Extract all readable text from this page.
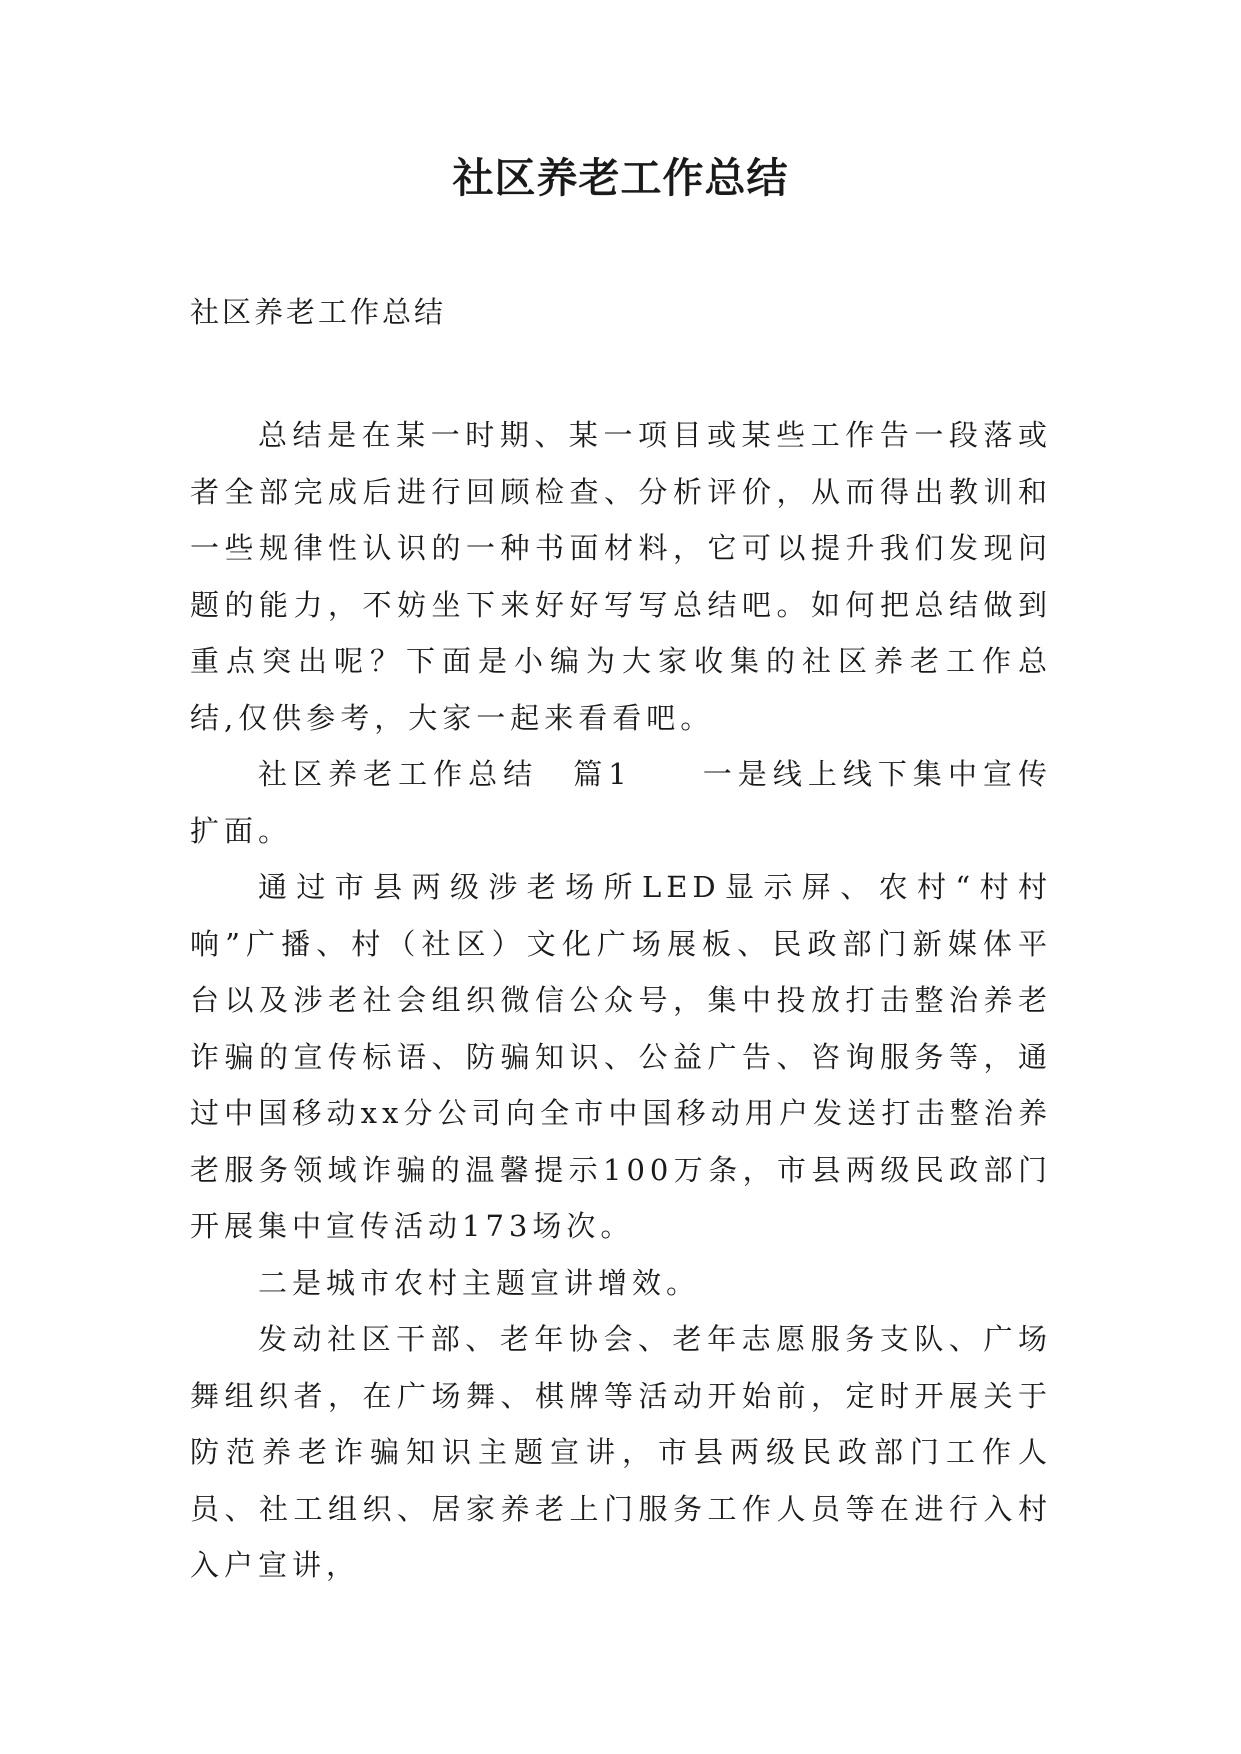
社区养老工作总结
社区养老工作总结

总结是在某一时期、某一项目或某些工作告一段落或者全部完成后进行回顾检查、分析评价，从而得出教训和一些规律性认识的一种书面材料，它可以提升我们发现问题的能力，不妨坐下来好好写写总结吧。如何把总结做到重点突出呢？下面是小编为大家收集的社区养老工作总结,仅供参考，大家一起来看看吧。

社区养老工作总结　篇1　　一是线上线下集中宣传扩面。

通过市县两级涉老场所LED显示屏、农村“村村响”广播、村（社区）文化广场展板、民政部门新媒体平台以及涉老社会组织微信公众号，集中投放打击整治养老诈骗的宣传标语、防骗知识、公益广告、咨询服务等，通过中国移动xx分公司向全市中国移动用户发送打击整治养老服务领域诈骗的温馨提示100万条，市县两级民政部门开展集中宣传活动173场次。

二是城市农村主题宣讲增效。

发动社区干部、老年协会、老年志愿服务支队、广场舞组织者，在广场舞、棋牌等活动开始前，定时开展关于防范养老诈骗知识主题宣讲，市县两级民政部门工作人员、社工组织、居家养老上门服务工作人员等在进行入村入户宣讲，
